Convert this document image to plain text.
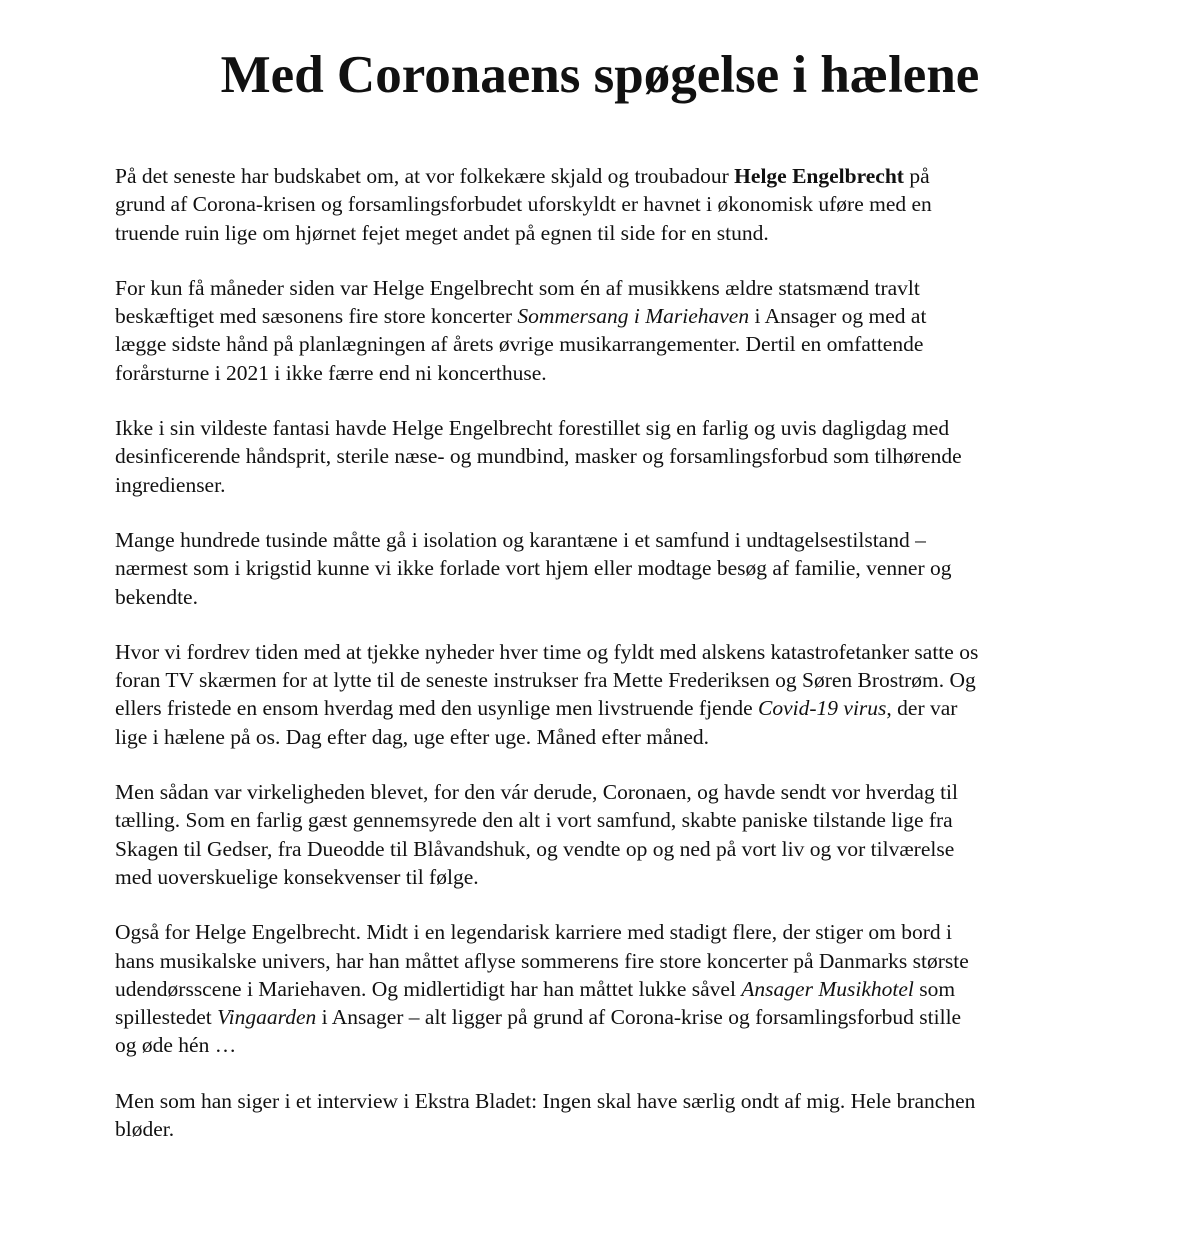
Med Coronaens spøgelse i hælene

På det seneste har budskabet om, at vor folkekære skjald og troubadour Helge Engelbrecht på
grund af Corona-krisen og forsamlingsforbudet uforskyldt er havnet i økonomisk uføre med en
truende ruin lige om hjørnet fejet meget andet på egnen til side for en stund.

For kun få måneder siden var Helge Engelbrecht som én af musikkens ældre statsmænd travlt
beskæftiget med sæsonens fire store koncerter Sommersang i Mariehaven i Ansager og med at
lægge sidste hånd på planlægningen af årets øvrige musikarrangementer. Dertil en omfattende
forårsturne i 2021 i ikke færre end ni koncerthuse.

Ikke i sin vildeste fantasi havde Helge Engelbrecht forestillet sig en farlig og uvis dagligdag med
desinficerende håndsprit, sterile næse- og mundbind, masker og forsamlingsforbud som tilhørende
ingredienser.

Mange hundrede tusinde måtte gå i isolation og karantæne i et samfund i undtagelsestilstand –
nærmest som i krigstid kunne vi ikke forlade vort hjem eller modtage besøg af familie, venner og
bekendte.

Hvor vi fordrev tiden med at tjekke nyheder hver time og fyldt med alskens katastrofetanker satte os
foran TV skærmen for at lytte til de seneste instrukser fra Mette Frederiksen og Søren Brostrøm. Og
ellers fristede en ensom hverdag med den usynlige men livstruende fjende Covid-19 virus, der var
lige i hælene på os. Dag efter dag, uge efter uge. Måned efter måned.

Men sådan var virkeligheden blevet, for den vár derude, Coronaen, og havde sendt vor hverdag til
tælling. Som en farlig gæst gennemsyrede den alt i vort samfund, skabte paniske tilstande lige fra
Skagen til Gedser, fra Dueodde til Blåvandshuk, og vendte op og ned på vort liv og vor tilværelse
med uoverskuelige konsekvenser til følge.

Også for Helge Engelbrecht. Midt i en legendarisk karriere med stadigt flere, der stiger om bord i
hans musikalske univers, har han måttet aflyse sommerens fire store koncerter på Danmarks største
udendørsscene i Mariehaven. Og midlertidigt har han måttet lukke såvel Ansager Musikhotel som
spillestedet Vingaarden i Ansager – alt ligger på grund af Corona-krise og forsamlingsforbud stille
og øde hén …

Men som han siger i et interview i Ekstra Bladet: Ingen skal have særlig ondt af mig. Hele branchen
bløder.
